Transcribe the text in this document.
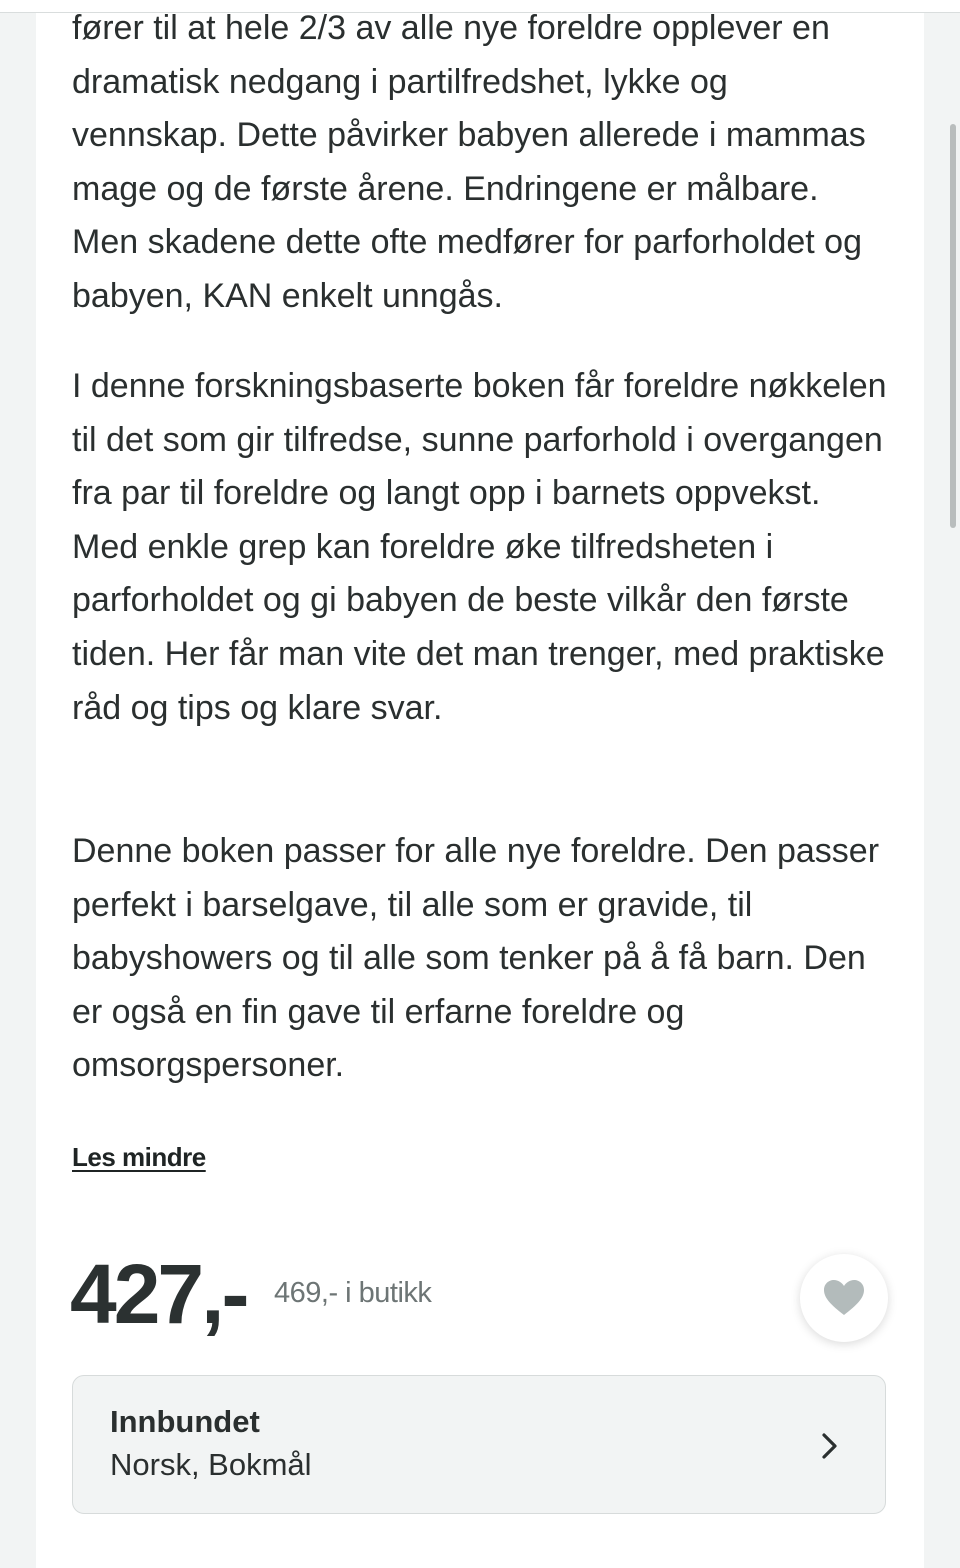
fører til at hele 2/3 av alle nye foreldre opplever en dramatisk nedgang i partilfredshet, lykke og vennskap. Dette påvirker babyen allerede i mammas mage og de første årene. Endringene er målbare. Men skadene dette ofte medfører for parforholdet og babyen, KAN enkelt unngås.

I denne forskningsbaserte boken får foreldre nøkkelen til det som gir tilfredse, sunne parforhold i overgangen fra par til foreldre og langt opp i barnets oppvekst. Med enkle grep kan foreldre øke tilfredsheten i parforholdet og gi babyen de beste vilkår den første tiden. Her får man vite det man trenger, med praktiske råd og tips og klare svar.

Denne boken passer for alle nye foreldre. Den passer perfekt i barselgave, til alle som er gravide, til babyshowers og til alle som tenker på å få barn. Den er også en fin gave til erfarne foreldre og omsorgspersoner.

Les mindre
427,- 469,- i butikk
Innbundet
Norsk, Bokmål
